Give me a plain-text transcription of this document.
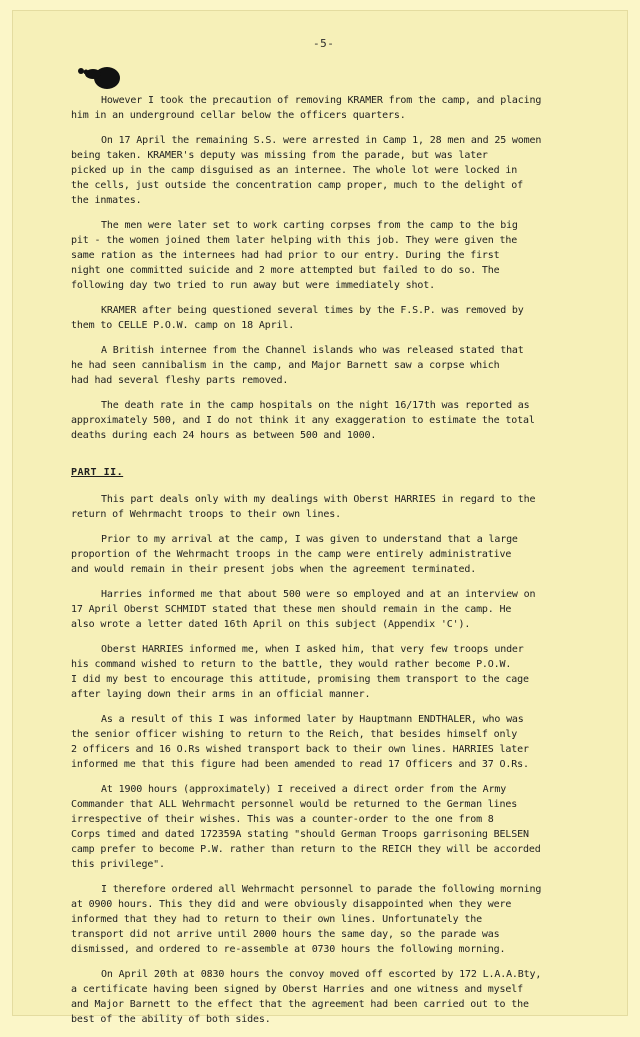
-5-
However I took the precaution of removing KRAMER from the camp, and placing
him in an underground cellar below the officers quarters.
On 17 April the remaining S.S. were arrested in Camp 1, 28 men and 25 women
being taken. KRAMER's deputy was missing from the parade, but was later
picked up in the camp disguised as an internee. The whole lot were locked in
the cells, just outside the concentration camp proper, much to the delight of
the inmates.
The men were later set to work carting corpses from the camp to the big
pit - the women joined them later helping with this job. They were given the
same ration as the internees had had prior to our entry. During the first
night one committed suicide and 2 more attempted but failed to do so. The
following day two tried to run away but were immediately shot.
KRAMER after being questioned several times by the F.S.P. was removed by
them to CELLE P.O.W. camp on 18 April.
A British internee from the Channel islands who was released stated that
he had seen cannibalism in the camp, and Major Barnett saw a corpse which
had had several fleshy parts removed.
The death rate in the camp hospitals on the night 16/17th was reported as
approximately 500, and I do not think it any exaggeration to estimate the total
deaths during each 24 hours as between 500 and 1000.
PART II.
This part deals only with my dealings with Oberst HARRIES in regard to the
return of Wehrmacht troops to their own lines.
Prior to my arrival at the camp, I was given to understand that a large
proportion of the Wehrmacht troops in the camp were entirely administrative
and would remain in their present jobs when the agreement terminated.
Harries informed me that about 500 were so employed and at an interview on
17 April Oberst SCHMIDT stated that these men should remain in the camp. He
also wrote a letter dated 16th April on this subject (Appendix 'C').
Oberst HARRIES informed me, when I asked him, that very few troops under
his command wished to return to the battle, they would rather become P.O.W.
I did my best to encourage this attitude, promising them transport to the cage
after laying down their arms in an official manner.
As a result of this I was informed later by Hauptmann ENDTHALER, who was
the senior officer wishing to return to the Reich, that besides himself only
2 officers and 16 O.Rs wished transport back to their own lines. HARRIES later
informed me that this figure had been amended to read 17 Officers and 37 O.Rs.
At 1900 hours (approximately) I received a direct order from the Army
Commander that ALL Wehrmacht personnel would be returned to the German lines
irrespective of their wishes. This was a counter-order to the one from 8
Corps timed and dated 172359A stating "should German Troops garrisoning BELSEN
camp prefer to become P.W. rather than return to the REICH they will be accorded
this privilege".
I therefore ordered all Wehrmacht personnel to parade the following morning
at 0900 hours. This they did and were obviously disappointed when they were
informed that they had to return to their own lines. Unfortunately the
transport did not arrive until 2000 hours the same day, so the parade was
dismissed, and ordered to re-assemble at 0730 hours the following morning.
On April 20th at 0830 hours the convoy moved off escorted by 172 L.A.A.Bty,
a certificate having been signed by Oberst Harries and one witness and myself
and Major Barnett to the effect that the agreement had been carried out to the
best of the ability of both sides.
